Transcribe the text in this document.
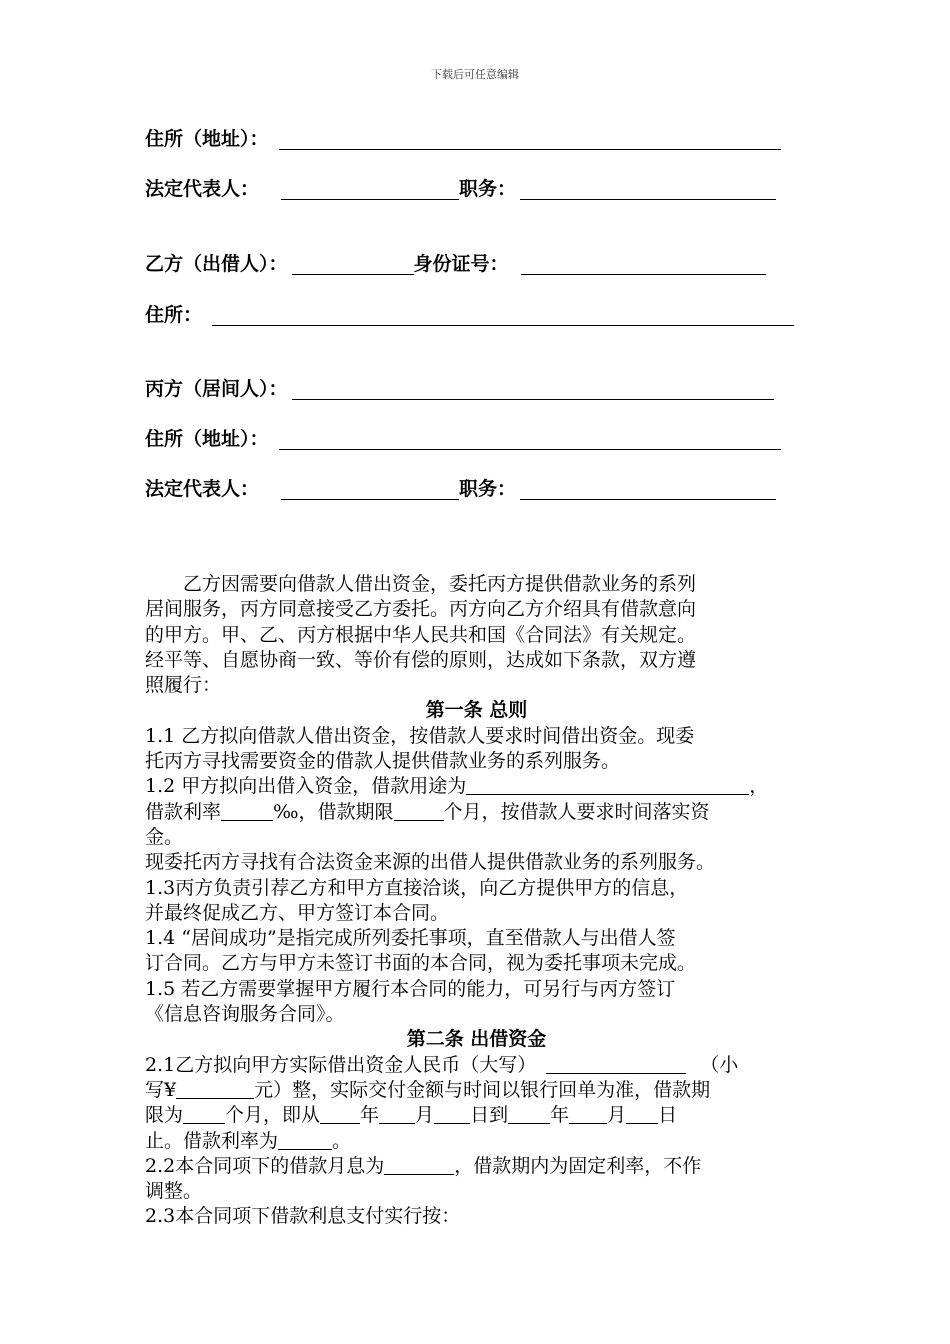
下载后可任意编辑
住所（地址）：
法定代表人：	职务：
乙方（出借人）：	身份证号：
住所：
丙方（居间人）：
住所（地址）：
法定代表人：	职务：

乙方因需要向借款人借出资金，委托丙方提供借款业务的系列

居间服务，丙方同意接受乙方委托。丙方向乙方介绍具有借款意向

的甲方。甲、乙、丙方根据中华人民共和国《合同法》有关规定。

经平等、自愿协商一致、等价有偿的原则，达成如下条款，双方遵

照履行：

第一条 总则

1.1 乙方拟向借款人借出资金，按借款人要求时间借出资金。现委

托丙方寻找需要资金的借款人提供借款业务的系列服务。

1.2 甲方拟向出借入资金，借款用途为	，

借款利率	‰，借款期限	个月，按借款人要求时间落实资

金。

现委托丙方寻找有合法资金来源的出借人提供借款业务的系列服务。

1.3丙方负责引荐乙方和甲方直接洽谈，向乙方提供甲方的信息，

并最终促成乙方、甲方签订本合同。

1.4 “居间成功”是指完成所列委托事项，直至借款人与出借人签

订合同。乙方与甲方未签订书面的本合同，视为委托事项未完成。

1.5 若乙方需要掌握甲方履行本合同的能力，可另行与丙方签订

《信息咨询服务合同》。

第二条 出借资金

2.1乙方拟向甲方实际借出资金人民币（大写）	（小

写¥	元）整，实际交付金额与时间以银行回单为准，借款期

限为 个月，即从 年 月 日到 年 月 日

止。借款利率为	。

2.2本合同项下的借款月息为	，借款期内为固定利率，不作

调整。

2.3本合同项下借款利息支付实行按：
